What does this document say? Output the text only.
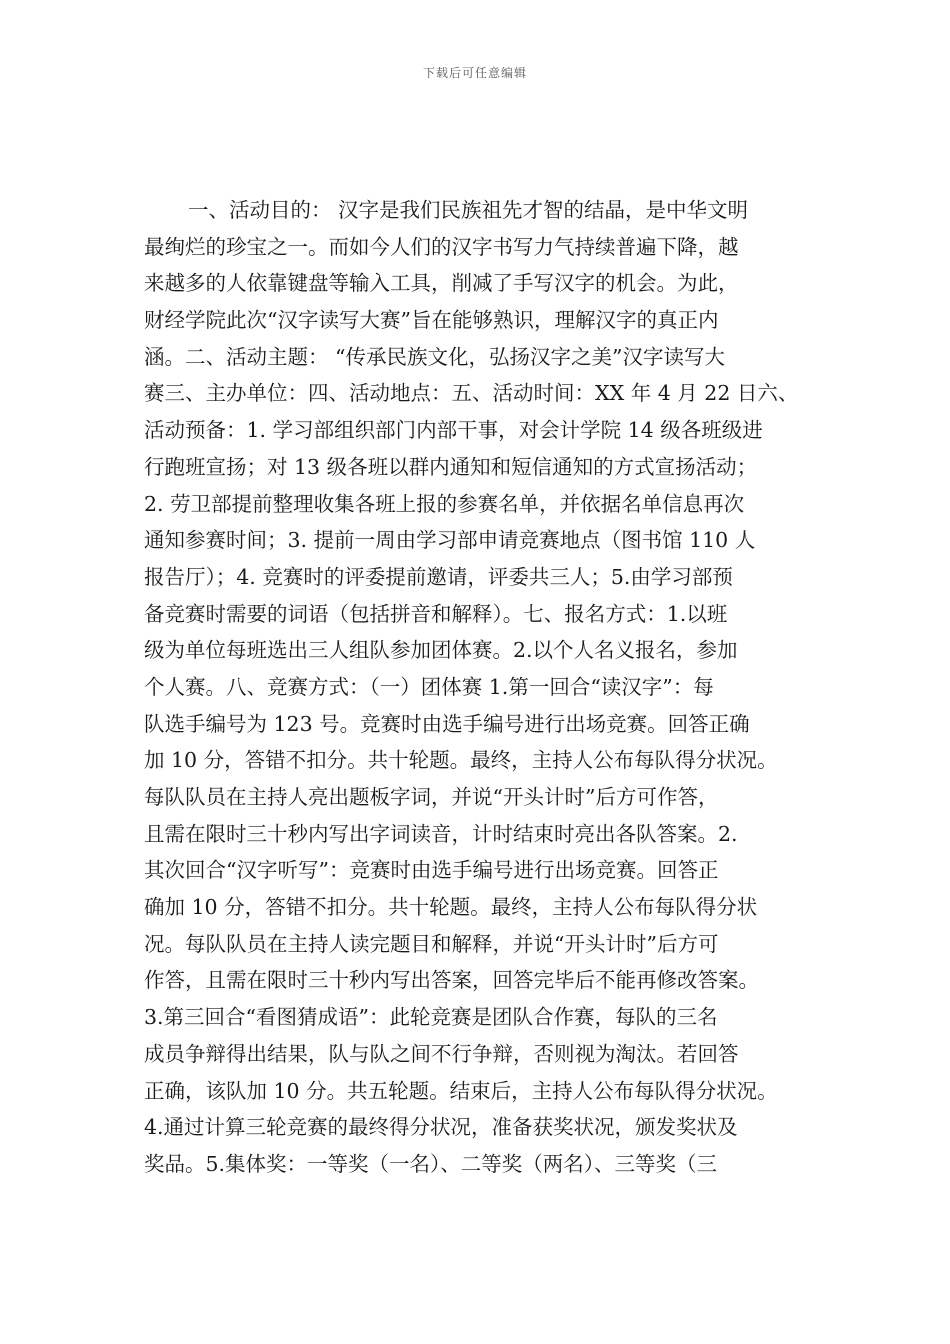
下载后可任意编辑
一、活动目的： 汉字是我们民族祖先才智的结晶，是中华文明
最绚烂的珍宝之一。而如今人们的汉字书写力气持续普遍下降，越
来越多的人依靠键盘等输入工具，削减了手写汉字的机会。为此，
财经学院此次“汉字读写大赛”旨在能够熟识，理解汉字的真正内
涵。二、活动主题： “传承民族文化，弘扬汉字之美”汉字读写大
赛三、主办单位：四、活动地点：五、活动时间：XX 年 4 月 22 日六、
活动预备：1. 学习部组织部门内部干事，对会计学院 14 级各班级进
行跑班宣扬；对 13 级各班以群内通知和短信通知的方式宣扬活动；
2. 劳卫部提前整理收集各班上报的参赛名单，并依据名单信息再次
通知参赛时间；3. 提前一周由学习部申请竞赛地点（图书馆 110 人
报告厅）；4. 竞赛时的评委提前邀请，评委共三人；5.由学习部预
备竞赛时需要的词语（包括拼音和解释）。七、报名方式：1.以班
级为单位每班选出三人组队参加团体赛。2.以个人名义报名，参加
个人赛。八、竞赛方式：（一）团体赛 1.第一回合“读汉字”：每
队选手编号为 123 号。竞赛时由选手编号进行出场竞赛。回答正确
加 10 分，答错不扣分。共十轮题。最终，主持人公布每队得分状况。
每队队员在主持人亮出题板字词，并说“开头计时”后方可作答，
且需在限时三十秒内写出字词读音，计时结束时亮出各队答案。2.
其次回合“汉字听写”：竞赛时由选手编号进行出场竞赛。回答正
确加 10 分，答错不扣分。共十轮题。最终，主持人公布每队得分状
况。每队队员在主持人读完题目和解释，并说“开头计时”后方可
作答，且需在限时三十秒内写出答案，回答完毕后不能再修改答案。
3.第三回合“看图猜成语”：此轮竞赛是团队合作赛，每队的三名
成员争辩得出结果，队与队之间不行争辩，否则视为淘汰。若回答
正确，该队加 10 分。共五轮题。结束后，主持人公布每队得分状况。
4.通过计算三轮竞赛的最终得分状况，准备获奖状况，颁发奖状及
奖品。5.集体奖：一等奖（一名）、二等奖（两名）、三等奖（三
